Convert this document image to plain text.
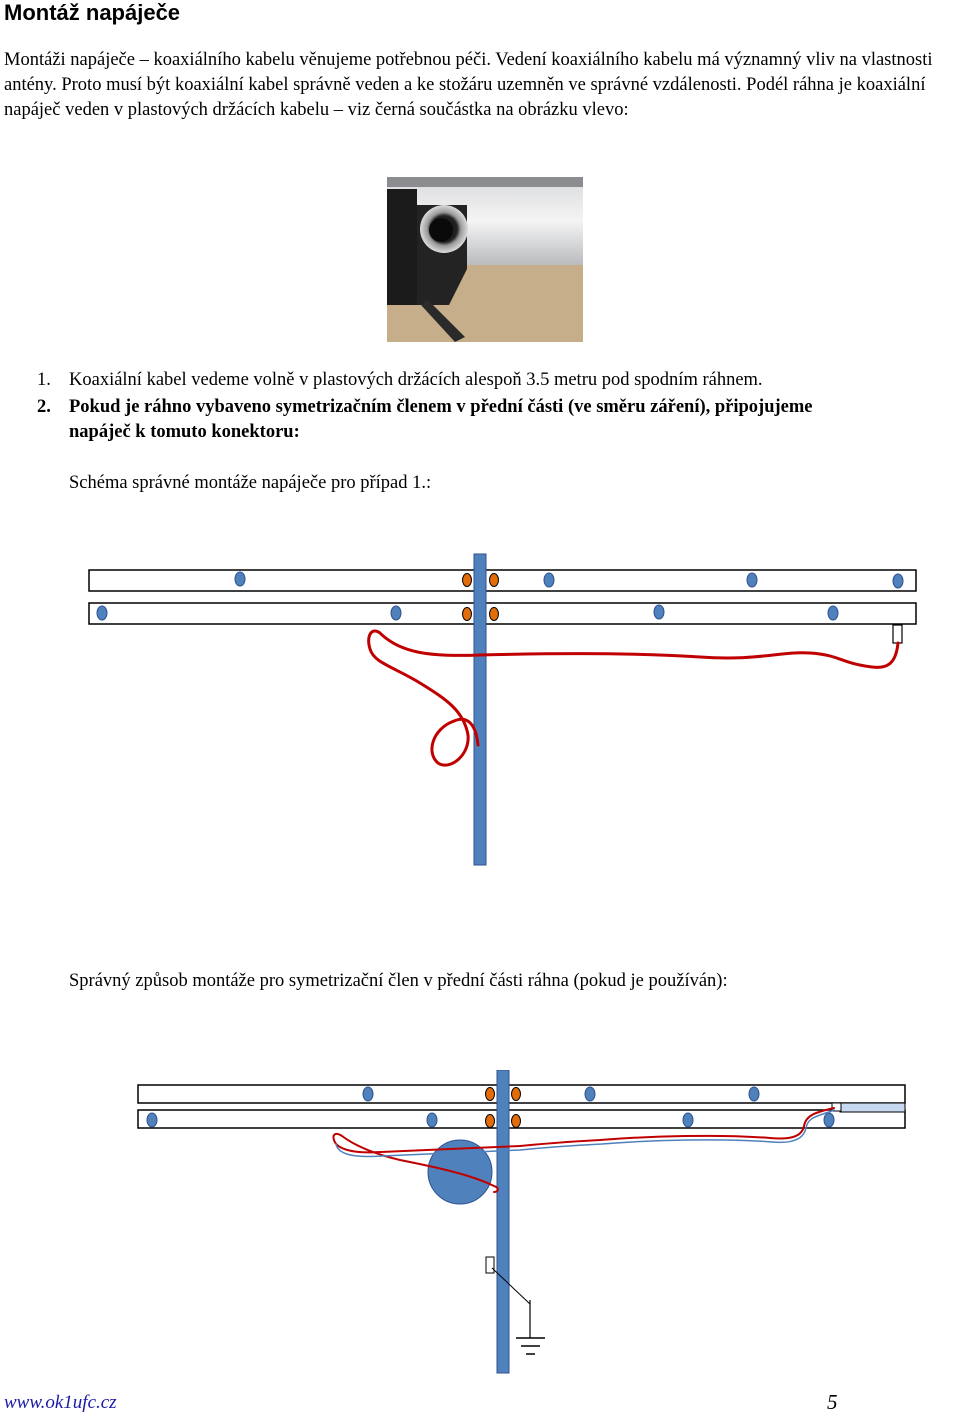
Montáž napáječe

Montáži napáječe – koaxiálního kabelu věnujeme potřebnou péči. Vedení koaxiálního kabelu má významný vliv na vlastnosti antény. Proto musí být koaxiální kabel správně veden a ke stožáru uzemněn ve správné vzdálenosti. Podél ráhna je koaxiální napáječ veden v plastových držácích kabelu – viz černá součástka na obrázku vlevo:

1. Koaxiální kabel vedeme volně v plastových držácích alespoň 3.5 metru pod spodním ráhnem.
2. Pokud je ráhno vybaveno symetrizačním členem v přední části (ve směru záření), připojujeme
napáječ k tomuto konektoru:
Schéma správné montáže napáječe pro případ 1.:
Správný způsob montáže pro symetrizační člen v přední části ráhna (pokud je používán):
www.ok1ufc.cz	5
